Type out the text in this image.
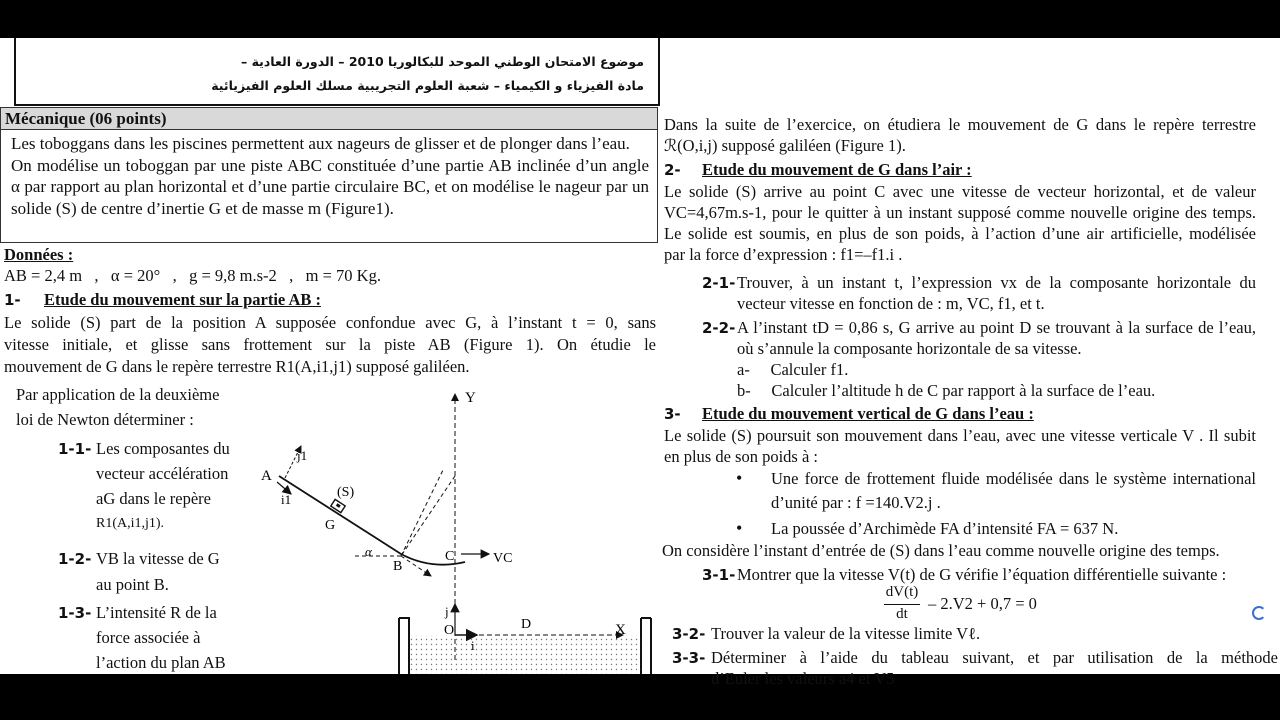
موضوع الامتحان الوطني الموحد للبكالوريا 2010 – الدورة العادية –
مادة الفيزياء و الكيمياء – شعبة العلوم التجريبية مسلك العلوم الفيزيائية
Mécanique (06 points)

Les toboggans dans les piscines permettent aux nageurs de glisser et de plonger dans l’eau.

On modélise un toboggan par une piste ABC constituée d’une partie AB inclinée d’un angle α par rapport au plan horizontal et d’une partie circulaire BC, et on modélise le nageur par un solide (S) de centre d’inertie G et de masse m (Figure1).

Données :
AB = 2,4 m   ,   α = 20°   ,   g = 9,8 m.s-2   ,   m = 70 Kg.
1- Etude du mouvement sur la partie AB :
Le solide (S) part de la position A supposée confondue avec G, à l’instant t = 0, sans
vitesse initiale, et glisse sans frottement sur la piste AB (Figure 1). On étudie le
mouvement de G dans le repère terrestre R1(A,i1,j1) supposé galiléen.
Par application de la deuxième
loi de Newton déterminer :
1-1- Les composantes du
vecteur accélération
aG dans le repère
R1(A,i1,j1).
1-2- VB la vitesse de G
au point B.
1-3- L’intensité R de la
force associée à
l’action du plan AB
Y
j1
A
i1	(S)
G
α
B
C	VC
X
j
i
O	D
Dans la suite de l’exercice, on étudiera le mouvement de G dans le repère terrestre
ℛ(O,i,j) supposé galiléen (Figure 1).
2- Etude du mouvement de G dans l’air :
Le solide (S) arrive au point C avec une vitesse de vecteur horizontal, et de valeur
VC=4,67m.s-1, pour le quitter à un instant supposé comme nouvelle origine des temps.
Le solide est soumis, en plus de son poids, à l’action d’une air artificielle, modélisée
par la force d’expression : f1=–f1.i .
2-1- Trouver, à un instant t, l’expression vx de la composante horizontale du
vecteur vitesse en fonction de : m, VC, f1, et t.
2-2- A l’instant tD = 0,86 s, G arrive au point D se trouvant à la surface de l’eau,
où s’annule la composante horizontale de sa vitesse.
a-     Calculer f1.
b-     Calculer l’altitude h de C par rapport à la surface de l’eau.
3- Etude du mouvement vertical de G dans l’eau :
Le solide (S) poursuit son mouvement dans l’eau, avec une vitesse verticale V . Il subit
en plus de son poids à :
• Une force de frottement fluide modélisée dans le système international
d’unité par : f =140.V2.j .
• La poussée d’Archimède FA d’intensité FA = 637 N.
On considère l’instant d’entrée de (S) dans l’eau comme nouvelle origine des temps.
3-1- Montrer que la vitesse V(t) de G vérifie l’équation différentielle suivante :
dV(t)
dt
– 2.V2 + 0,7 = 0
3-2- Trouver la valeur de la vitesse limite Vℓ.
3-3- Déterminer à l’aide du tableau suivant, et par utilisation de la méthode
d’Euler les valeurs a4 et V5
